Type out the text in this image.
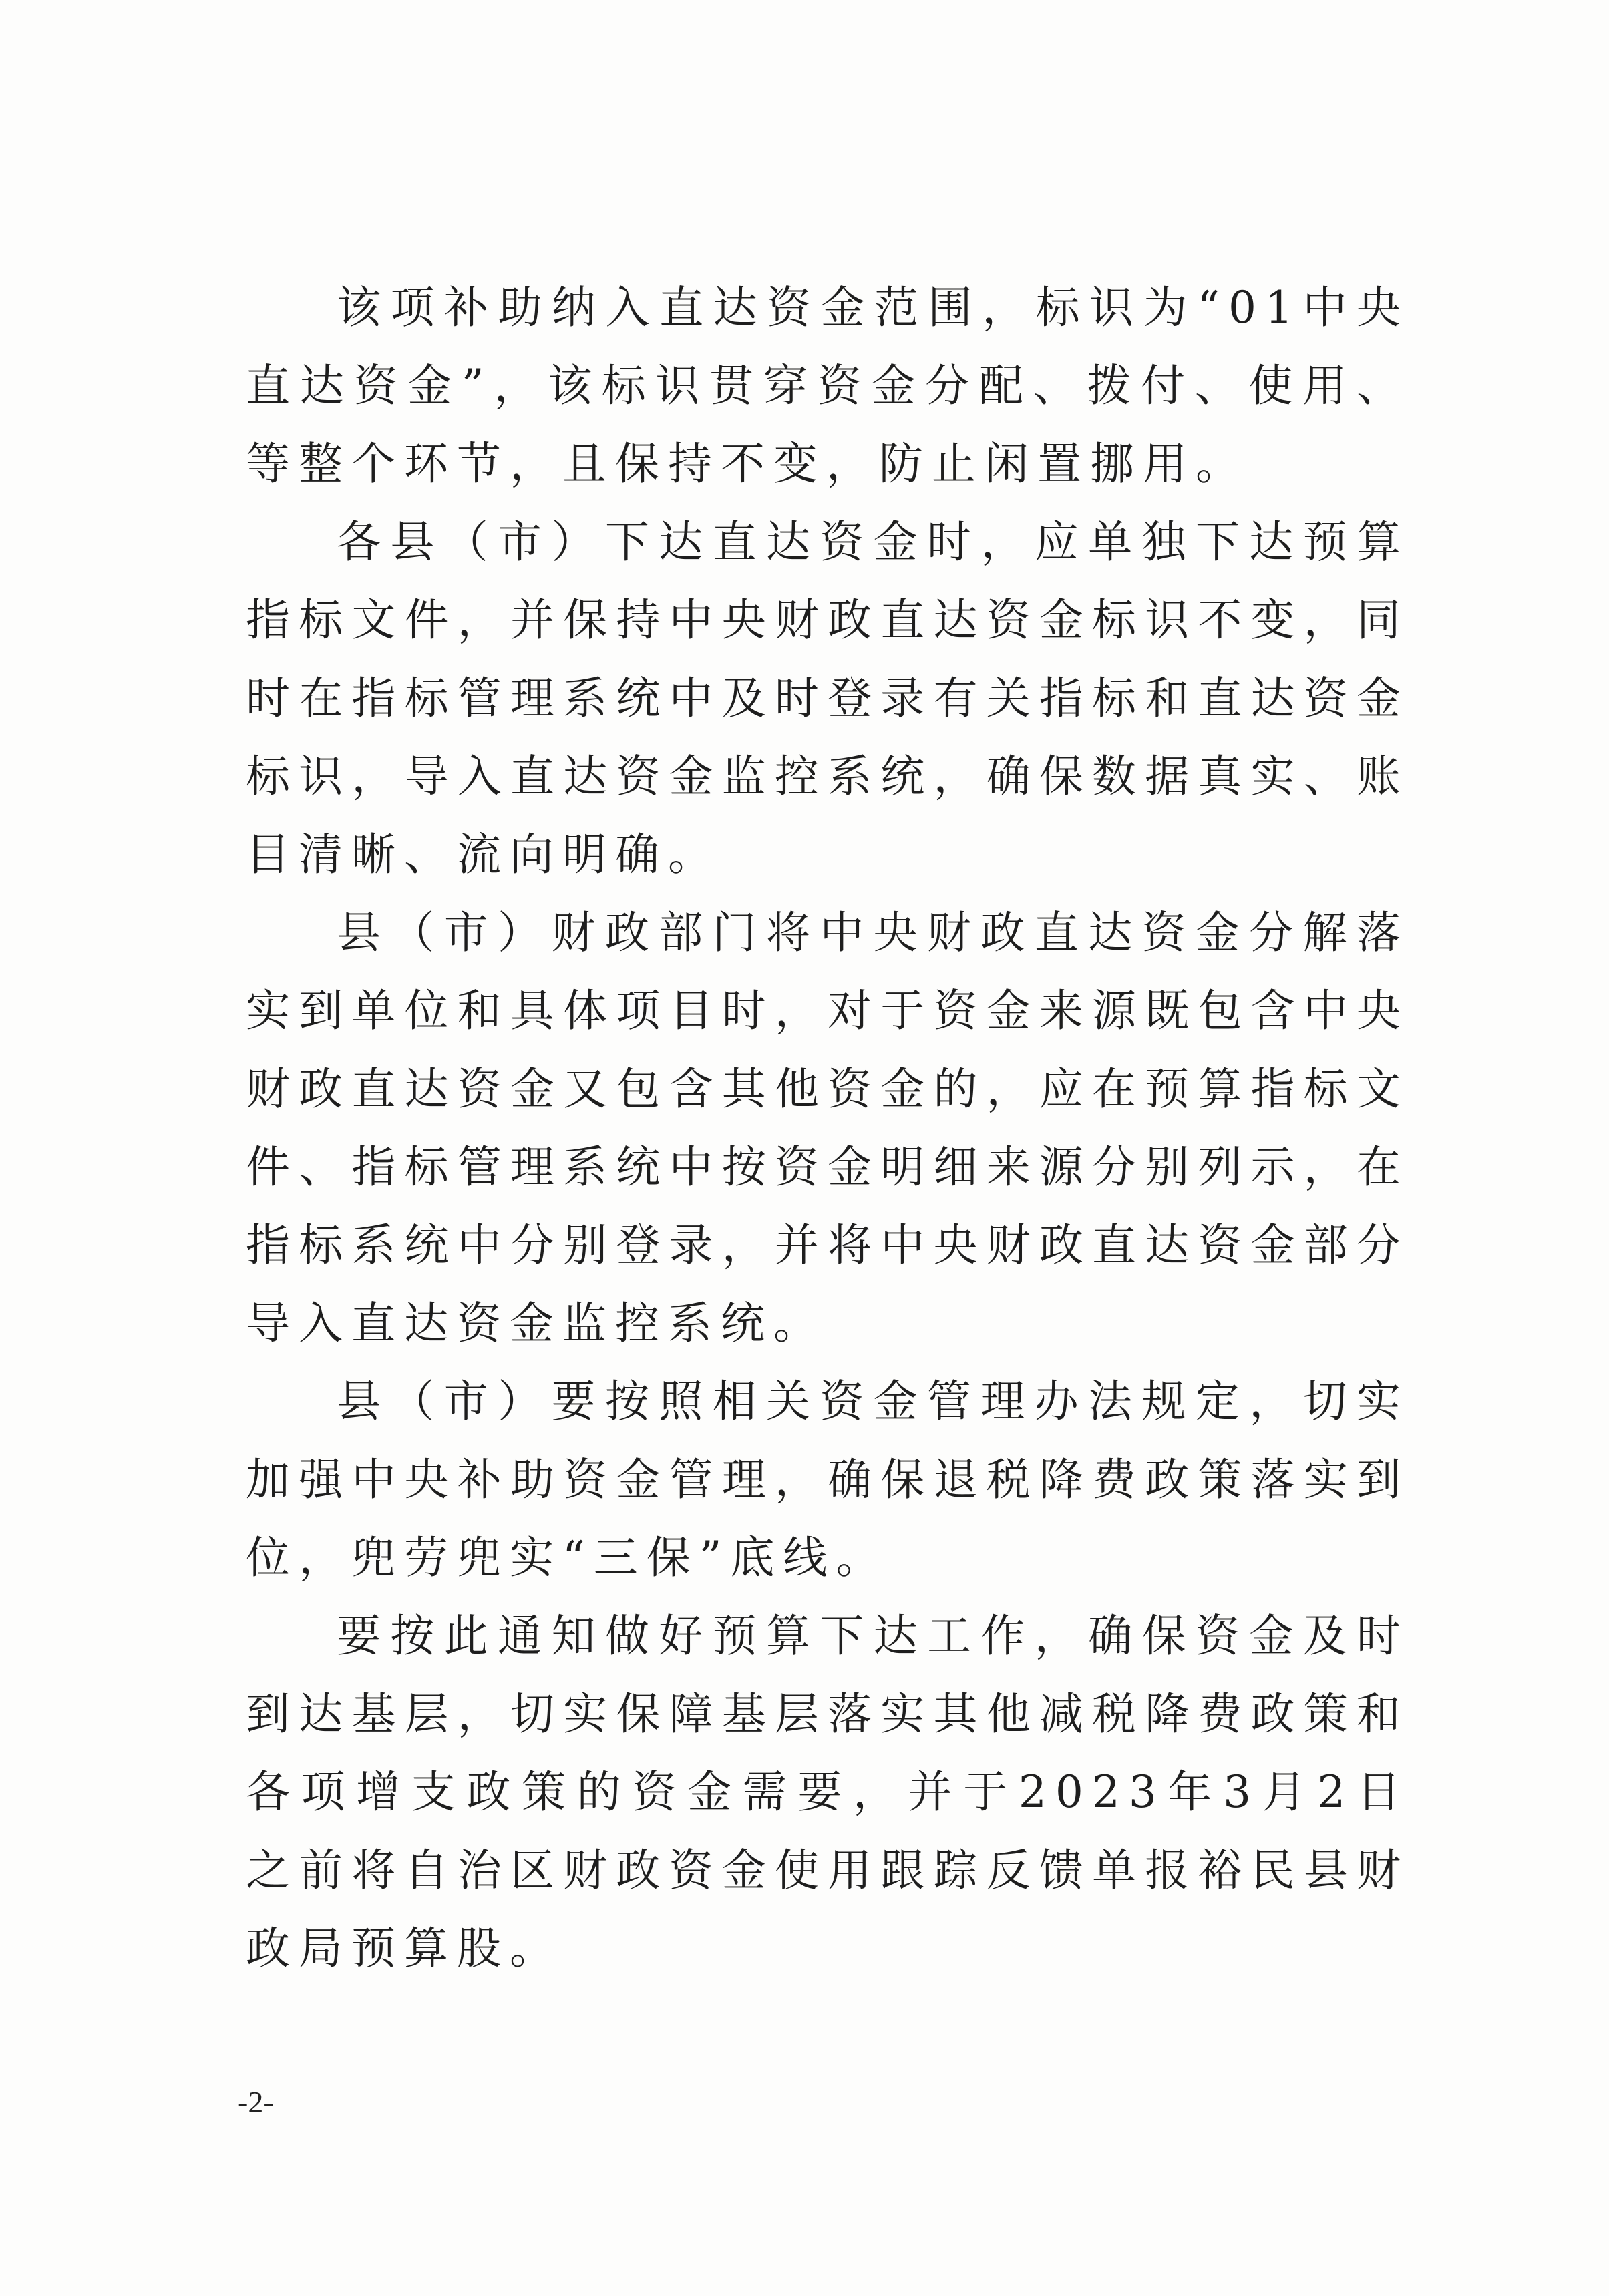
该项补助纳入直达资金范围，标识为“01中央直达资金”，该标识贯穿资金分配、拨付、使用、等整个环节，且保持不变，防止闲置挪用。

各县（市）下达直达资金时，应单独下达预算指标文件，并保持中央财政直达资金标识不变，同时在指标管理系统中及时登录有关指标和直达资金标识，导入直达资金监控系统，确保数据真实、账目清晰、流向明确。

县（市）财政部门将中央财政直达资金分解落实到单位和具体项目时，对于资金来源既包含中央财政直达资金又包含其他资金的，应在预算指标文件、指标管理系统中按资金明细来源分别列示，在指标系统中分别登录，并将中央财政直达资金部分导入直达资金监控系统。

县（市）要按照相关资金管理办法规定，切实加强中央补助资金管理，确保退税降费政策落实到位，兜劳兜实“三保”底线。

要按此通知做好预算下达工作，确保资金及时到达基层，切实保障基层落实其他减税降费政策和各项增支政策的资金需要，并于2023年3月2日之前将自治区财政资金使用跟踪反馈单报裕民县财政局预算股。

-2-
